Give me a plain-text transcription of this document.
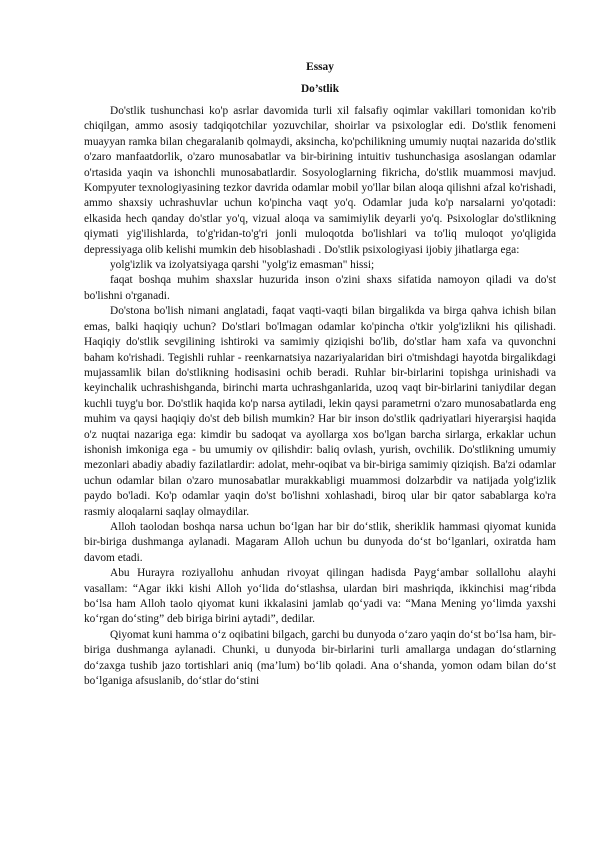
Essay
Do’stlik

Do'stlik tushunchasi ko'p asrlar davomida turli xil falsafiy oqimlar vakillari tomonidan ko'rib chiqilgan, ammo asosiy tadqiqotchilar yozuvchilar, shoirlar va psixologlar edi. Do'stlik fenomeni muayyan ramka bilan chegaralanib qolmaydi, aksincha, ko'pchilikning umumiy nuqtai nazarida do'stlik o'zaro manfaatdorlik, o'zaro munosabatlar va bir-birining intuitiv tushunchasiga asoslangan odamlar o'rtasida yaqin va ishonchli munosabatlardir. Sosyologlarning fikricha, do'stlik muammosi mavjud. Kompyuter texnologiyasining tezkor davrida odamlar mobil yo'llar bilan aloqa qilishni afzal ko'rishadi, ammo shaxsiy uchrashuvlar uchun ko'pincha vaqt yo'q. Odamlar juda ko'p narsalarni yo'qotadi: elkasida hech qanday do'stlar yo'q, vizual aloqa va samimiylik deyarli yo'q. Psixologlar do'stlikning qiymati yig'ilishlarda, to'g'ridan-to'g'ri jonli muloqotda bo'lishlari va to'liq muloqot yo'qligida depressiyaga olib kelishi mumkin deb hisoblashadi . Do'stlik psixologiyasi ijobiy jihatlarga ega:

yolg'izlik va izolyatsiyaga qarshi "yolg'iz emasman" hissi;

faqat boshqa muhim shaxslar huzurida inson o'zini shaxs sifatida namoyon qiladi va do'st bo'lishni o'rganadi.

Do'stona bo'lish nimani anglatadi, faqat vaqti-vaqti bilan birgalikda va birga qahva ichish bilan emas, balki haqiqiy uchun? Do'stlari bo'lmagan odamlar ko'pincha o'tkir yolg'izlikni his qilishadi. Haqiqiy do'stlik sevgilining ishtiroki va samimiy qiziqishi bo'lib, do'stlar ham xafa va quvonchni baham ko'rishadi. Tegishli ruhlar - reenkarnatsiya nazariyalaridan biri o'tmishdagi hayotda birgalikdagi mujassamlik bilan do'stlikning hodisasini ochib beradi. Ruhlar bir-birlarini topishga urinishadi va keyinchalik uchrashishganda, birinchi marta uchrashganlarida, uzoq vaqt bir-birlarini taniydilar degan kuchli tuyg'u bor. Do'stlik haqida ko'p narsa aytiladi, lekin qaysi parametrni o'zaro munosabatlarda eng muhim va qaysi haqiqiy do'st deb bilish mumkin? Har bir inson do'stlik qadriyatlari hiyerarşisi haqida o'z nuqtai nazariga ega: kimdir bu sadoqat va ayollarga xos bo'lgan barcha sirlarga, erkaklar uchun ishonish imkoniga ega - bu umumiy ov qilishdir: baliq ovlash, yurish, ovchilik. Do'stlikning umumiy mezonlari abadiy abadiy fazilatlardir: adolat, mehr-oqibat va bir-biriga samimiy qiziqish. Ba'zi odamlar uchun odamlar bilan o'zaro munosabatlar murakkabligi muammosi dolzarbdir va natijada yolg'izlik paydo bo'ladi. Ko'p odamlar yaqin do'st bo'lishni xohlashadi, biroq ular bir qator sabablarga ko'ra rasmiy aloqalarni saqlay olmaydilar.

Alloh taolodan boshqa narsa uchun bo‘lgan har bir do‘stlik, sheriklik hammasi qiyomat kunida bir-biriga dushmanga aylanadi. Magaram Alloh uchun bu dunyoda do‘st bo‘lganlari, oxiratda ham davom etadi.

Abu Hurayra roziyallohu anhudan rivoyat qilingan hadisda Payg‘ambar sollallohu alayhi vasallam: “Agar ikki kishi Alloh yo‘lida do‘stlashsa, ulardan biri mashriqda, ikkinchisi mag‘ribda bo‘lsa ham Alloh taolo qiyomat kuni ikkalasini jamlab qo‘yadi va: “Mana Mening yo‘limda yaxshi ko‘rgan do‘sting” deb biriga birini aytadi”, dedilar.

Qiyomat kuni hamma o‘z oqibatini bilgach, garchi bu dunyoda o‘zaro yaqin do‘st bo‘lsa ham, bir-biriga dushmanga aylanadi. Chunki, u dunyoda bir-birlarini turli amallarga undagan do‘stlarning do‘zaxga tushib jazo tortishlari aniq (ma’lum) bo‘lib qoladi. Ana o‘shanda, yomon odam bilan do‘st bo‘lganiga afsuslanib, do‘stlar do‘stini
